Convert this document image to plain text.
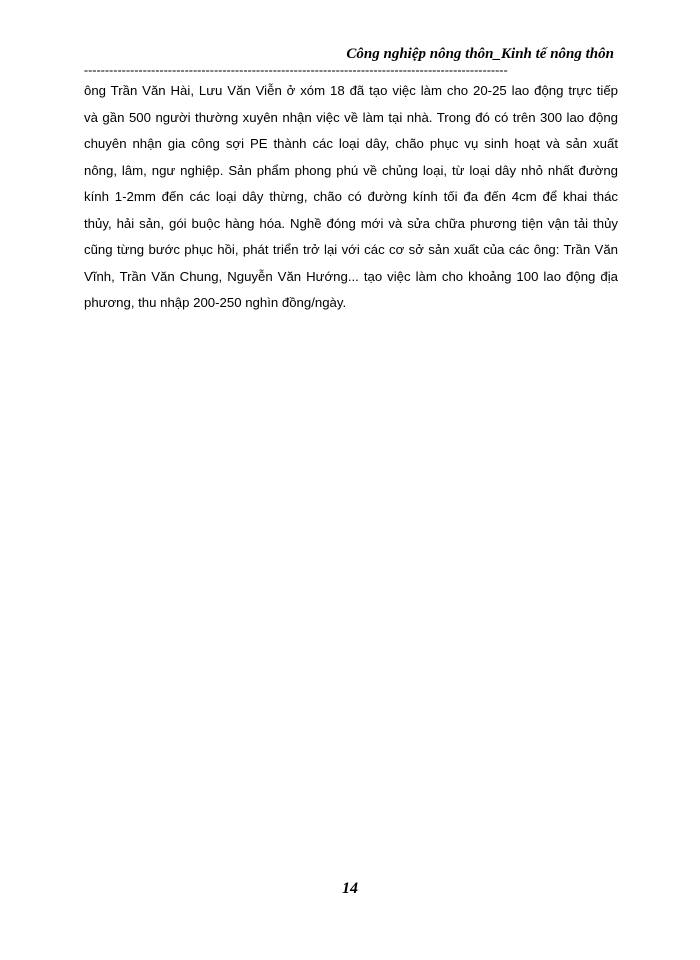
Công nghiệp nông thôn_Kinh tế nông thôn
-----------------------------------------------------------------------------------------------------
ông Trần Văn Hài, Lưu Văn Viễn ở xóm 18 đã tạo việc làm cho 20-25 lao động trực tiếp
và gần 500 người thường xuyên nhận việc về làm tại nhà. Trong đó có trên 300 lao động
chuyên nhận gia công sợi PE thành các loại dây, chão phục vụ sinh hoạt và sản xuất
nông, lâm, ngư nghiệp. Sản phẩm phong phú về chủng loại, từ loại dây nhỏ nhất đường
kính 1-2mm đến các loại dây thừng, chão có đường kính tối đa đến 4cm để khai thác
thủy, hải sản, gói buộc hàng hóa. Nghề đóng mới và sửa chữa phương tiện vận tải thủy
cũng từng bước phục hồi, phát triển trở lại với các cơ sở sản xuất của các ông: Trần Văn
Vĩnh, Trần Văn Chung, Nguyễn Văn Hướng... tạo việc làm cho khoảng 100 lao động địa
phương, thu nhập 200-250 nghìn đồng/ngày.
14
